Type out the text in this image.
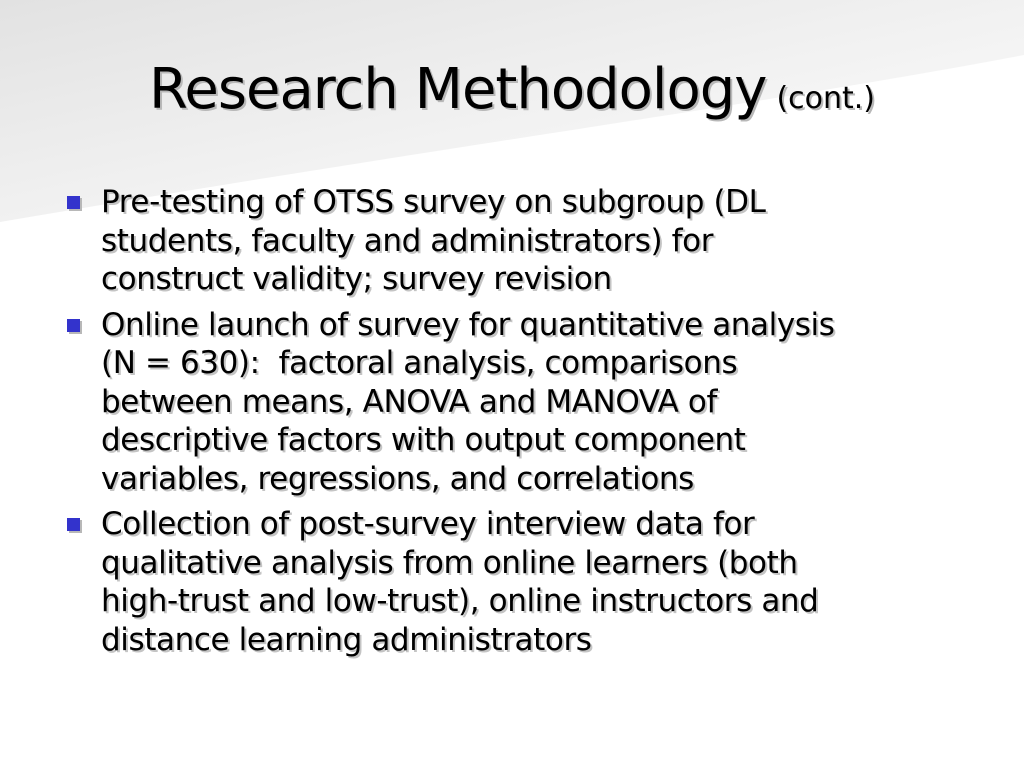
Research Methodology (cont.)
Pre-testing of OTSS survey on subgroup (DL
students, faculty and administrators) for
construct validity; survey revision
Online launch of survey for quantitative analysis
(N = 630):  factoral analysis, comparisons
between means, ANOVA and MANOVA of
descriptive factors with output component
variables, regressions, and correlations
Collection of post-survey interview data for
qualitative analysis from online learners (both
high-trust and low-trust), online instructors and
distance learning administrators
